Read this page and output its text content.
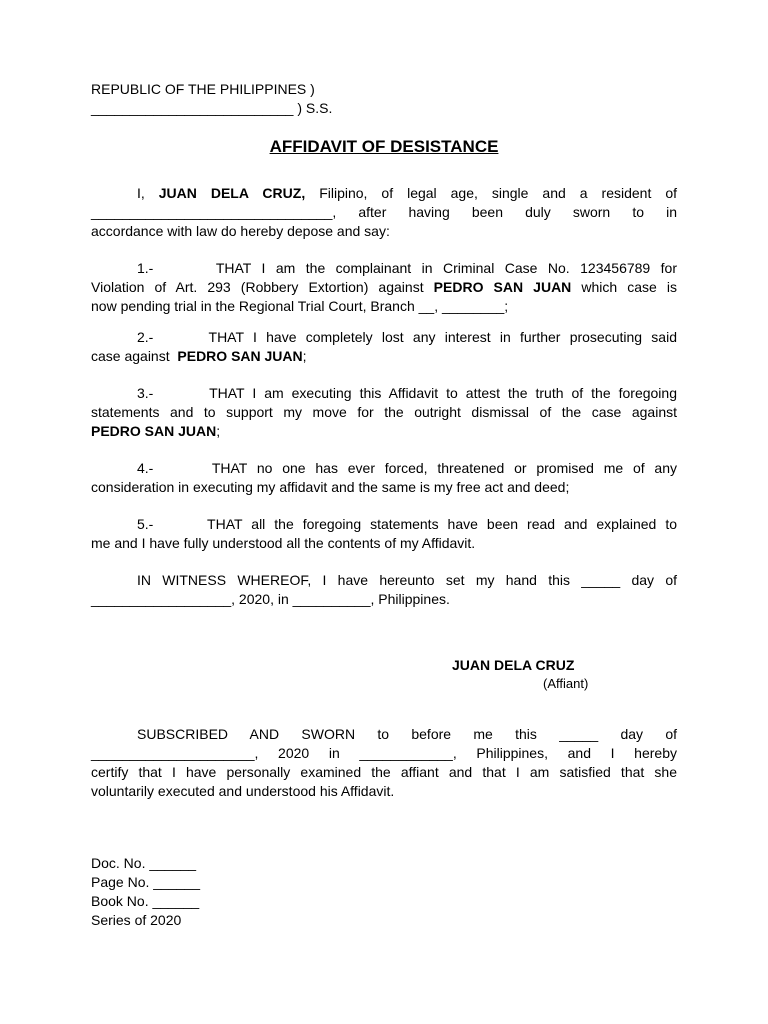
REPUBLIC OF THE PHILIPPINES )
__________________________ ) S.S.
AFFIDAVIT OF DESISTANCE
I, JUAN DELA CRUZ, Filipino, of legal age, single and a resident of
_______________________________, after having been duly sworn to in
accordance with law do hereby depose and say:
1.-	THAT I am the complainant in Criminal Case No. 123456789 for
Violation of Art. 293 (Robbery Extortion) against PEDRO SAN JUAN which case is
now pending trial in the Regional Trial Court, Branch __, ________;
2.-	THAT I have completely lost any interest in further prosecuting said
case against PEDRO SAN JUAN;
3.-	THAT I am executing this Affidavit to attest the truth of the foregoing
statements and to support my move for the outright dismissal of the case against
PEDRO SAN JUAN;
4.-	THAT no one has ever forced, threatened or promised me of any
consideration in executing my affidavit and the same is my free act and deed;
5.-	THAT all the foregoing statements have been read and explained to
me and I have fully understood all the contents of my Affidavit.
IN WITNESS WHEREOF, I have hereunto set my hand this _____ day of
__________________, 2020, in __________, Philippines.
JUAN DELA CRUZ
(Affiant)
SUBSCRIBED AND SWORN to before me this _____ day of
_____________________, 2020 in ____________, Philippines, and I hereby
certify that I have personally examined the affiant and that I am satisfied that she
voluntarily executed and understood his Affidavit.
Doc. No. ______
Page No. ______
Book No. ______
Series of 2020
